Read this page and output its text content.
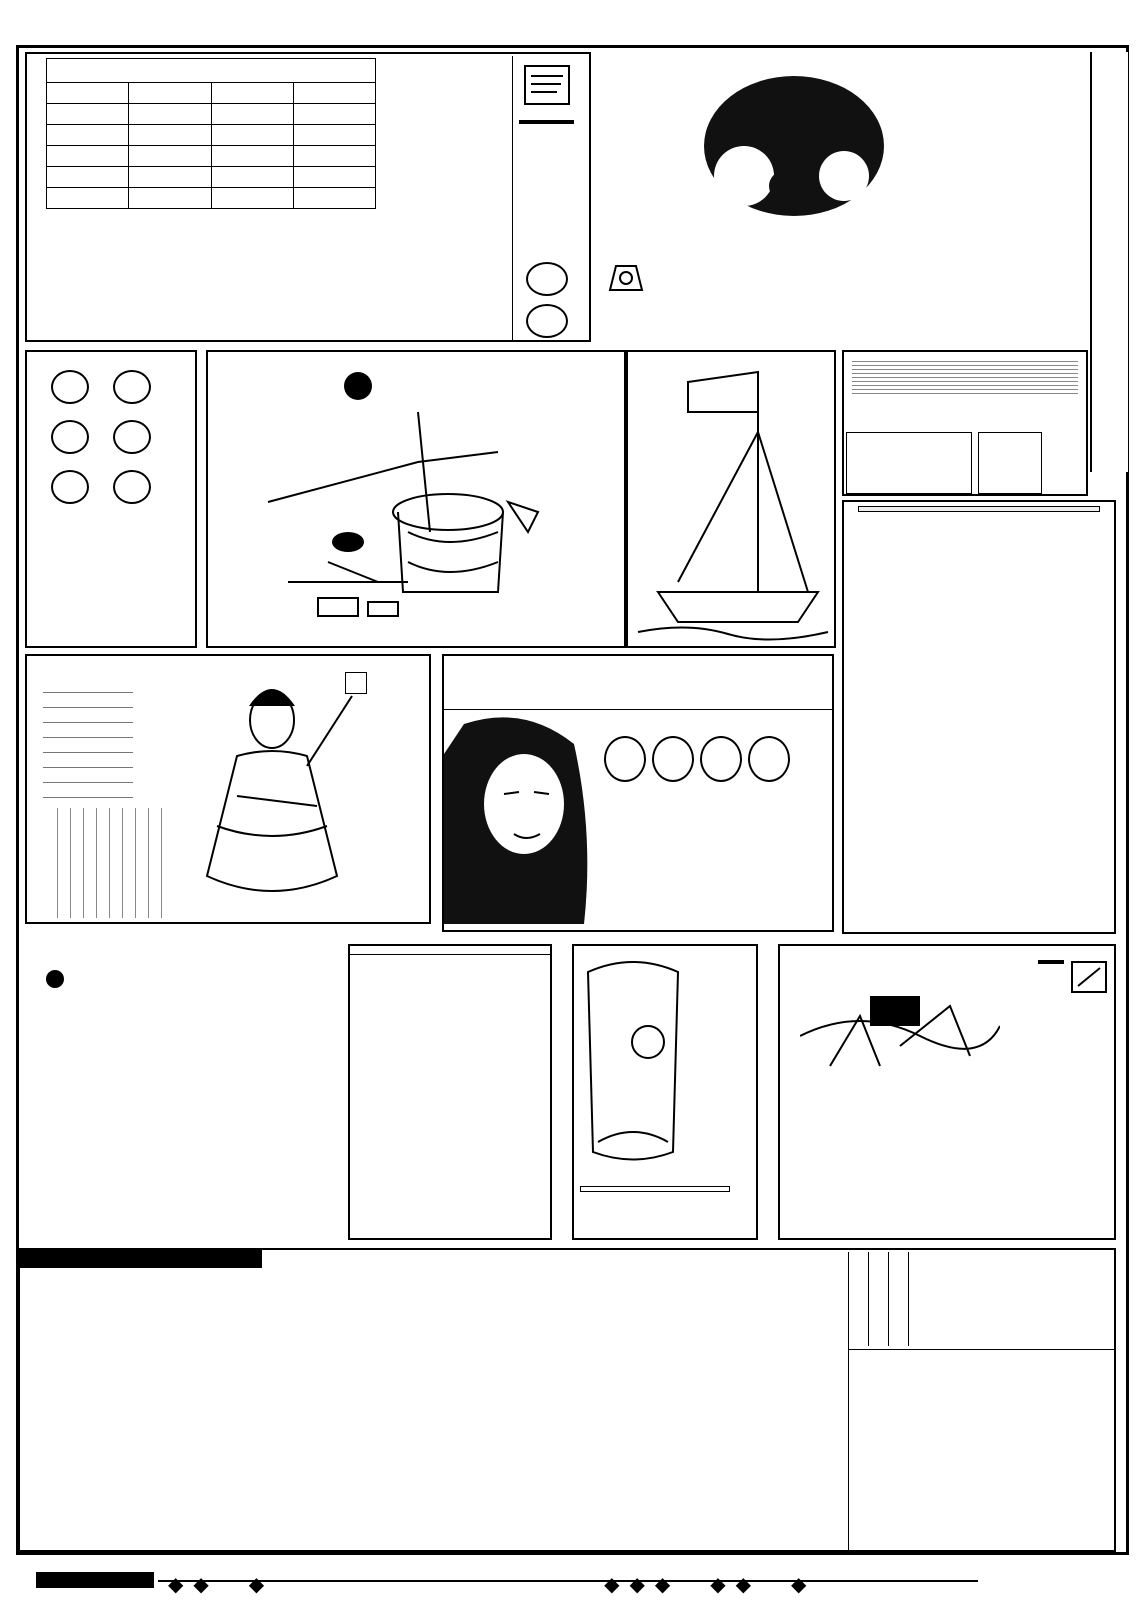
◆◆　◆　　　　　　　　　　　◆◆◆　◆◆　◆
